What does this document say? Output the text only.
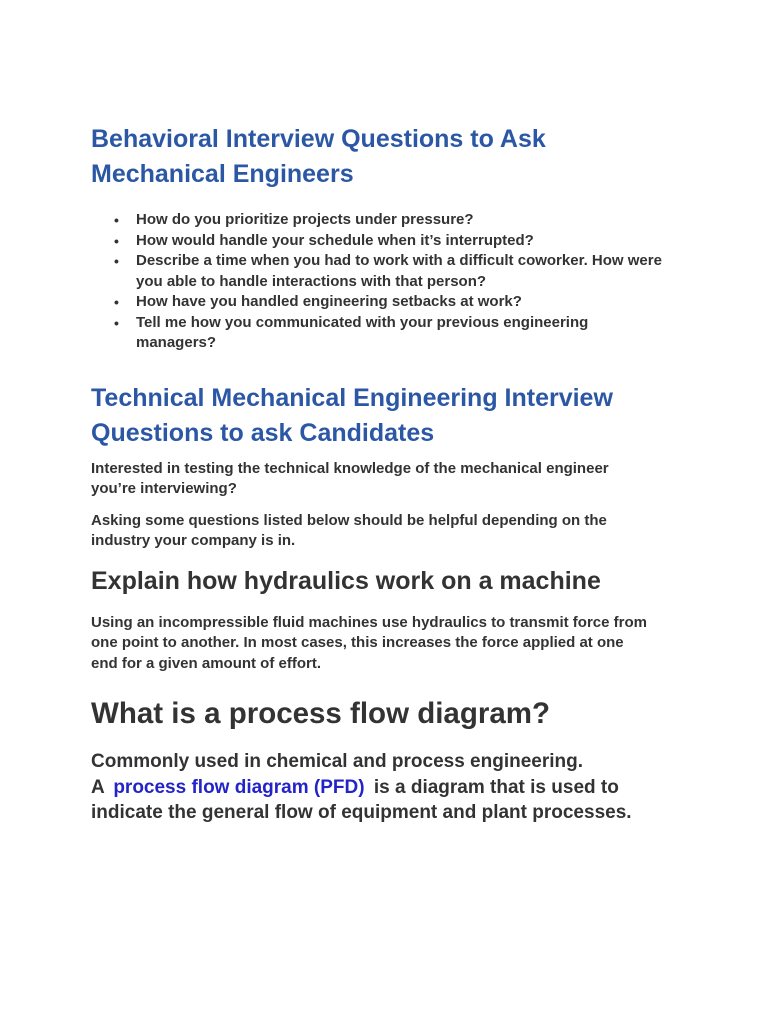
Behavioral Interview Questions to Ask Mechanical Engineers
• How do you prioritize projects under pressure?
• How would handle your schedule when it’s interrupted?
• Describe a time when you had to work with a difficult coworker. How were you able to handle interactions with that person?
• How have you handled engineering setbacks at work?
• Tell me how you communicated with your previous engineering managers?
Technical Mechanical Engineering Interview Questions to ask Candidates

Interested in testing the technical knowledge of the mechanical engineer you’re interviewing?

Asking some questions listed below should be helpful depending on the industry your company is in.

Explain how hydraulics work on a machine

Using an incompressible fluid machines use hydraulics to transmit force from one point to another. In most cases, this increases the force applied at one end for a given amount of effort.

What is a process flow diagram?

Commonly used in chemical and process engineering.
A process flow diagram (PFD) is a diagram that is used to indicate the general flow of equipment and plant processes.
